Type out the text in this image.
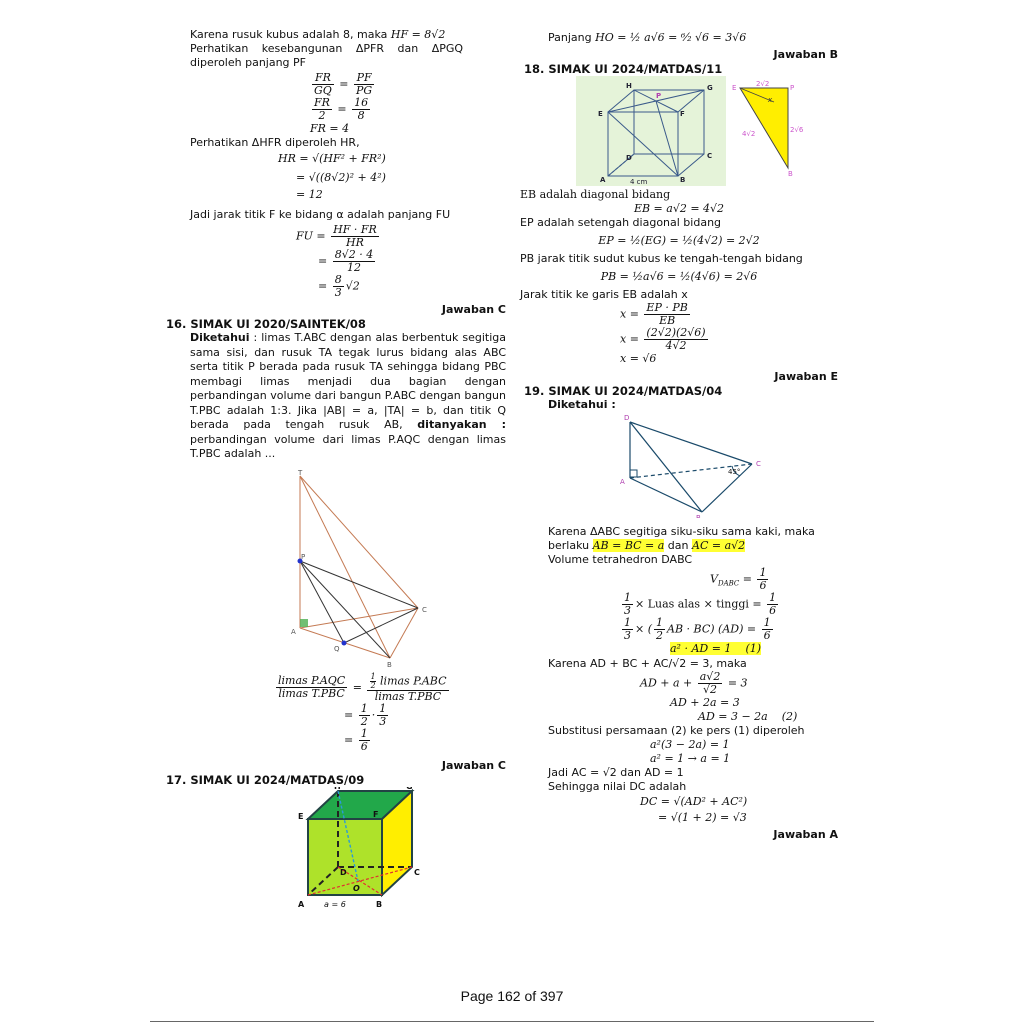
Karena rusuk kubus adalah 8, maka HF = 8√2

Perhatikan kesebangunan ΔPFR dan ΔPGQ

diperoleh panjang PF

$\frac{FR}{GQ} = \frac{PF}{PG}$
$\frac{FR}{2} = \frac{16}{8}$
FR = 4

Perhatikan ΔHFR diperoleh HR,

HR = √(HF² + FR²)
= √((8√2)² + 4²)
= 12

Jadi jarak titik F ke bidang α adalah panjang FU

FU = $\frac{HF \cdot FR}{HR}$
= $\frac{8√2 \cdot 4}{12}$
= $\frac{8}{3} √2$

Jawaban C

16. SIMAK UI 2020/SAINTEK/08

Diketahui : limas T.ABC dengan alas berbentuk segitiga sama sisi, dan rusuk TA tegak lurus bidang alas ABC serta titik P berada pada rusuk TA sehingga bidang PBC membagi limas menjadi dua bagian dengan perbandingan volume dari bangun P.ABC dengan bangun T.PBC adalah 1:3. Jika |AB| = a, |TA| = b, dan titik Q berada pada tengah rusuk AB, ditanyakan : perbandingan volume dari limas P.AQC dengan limas T.PBC adalah ...
T
P
A
Q
B
C
$\frac{\text{limas P.AQC}}{\text{limas T.PBC}} = \frac{\frac{1}{2} limas P.ABC}{\text{limas T.PBC}}$
= $\frac{1}{2} \cdot \frac{1}{3}$
= $\frac{1}{6}$

Jawaban C

17. SIMAK UI 2024/MATDAS/09

E	F
D	C
O
A	B
a = 6

Panjang HO = ½ a√6 = ⁶⁄₂ √6 = 3√6

Jawaban B

18. SIMAK UI 2024/MATDAS/11

H
P
G
E	F
D	C
A	B
4 cm
E	P
B
2√2
2√6
4√2
x

EB adalah diagonal bidang

EB = a√2 = 4√2

EP adalah setengah diagonal bidang

EP = ½(EG) = ½(4√2) = 2√2

PB jarak titik sudut kubus ke tengah-tengah bidang

PB = ½a√6 = ½(4√6) = 2√6

Jarak titik ke garis EB adalah x

$x = \frac{EP \cdot PB}{EB}$
$x = \frac{(2√2)(2√6)}{4√2}$
x = √6

Jawaban E

19. SIMAK UI 2024/MATDAS/04

Diketahui :

D
A
B
C
45°

Karena ΔABC segitiga siku-siku sama kaki, maka

berlaku AB = BC = a dan AC = a√2

Volume tetrahedron DABC

$V_{DABC} = \frac{1}{6}$
$\frac{1}{3}$ × Luas alas × tinggi = $\frac{1}{6}$
$\frac{1}{3}$ × ( $\frac{1}{2}$ AB · BC) $(AD) = \frac{1}{6}$
a² · AD = 1 (1)

Karena AD + BC + AC/√2 = 3, maka

AD + $a + \frac{a√2}{√2} = 3$
AD + 2a = 3
AD = 3 − 2a (2)

Substitusi persamaan (2) ke pers (1) diperoleh

a²(3 − 2a) = 1

a² = 1 → a = 1

Jadi AC = √2 dan AD = 1

Sehingga nilai DC adalah

DC = √(AD² + AC²)

= √(1 + 2) = √3

Jawaban A

Page 162 of 397
